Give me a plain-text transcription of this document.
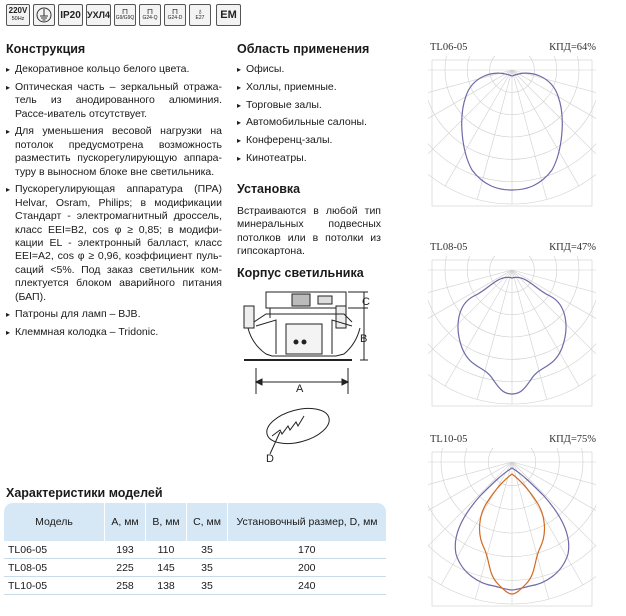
220V
50Hz	IP20 УХЛ4 ⊓
G9/G9Q
⊓
G24-Q
⊓
G24-D
♁
E27 EM
Конструкция
▸ Декоративное кольцо белого цвета.
▸ Оптическая часть – зеркальный отража-тель из анодированного алюминия. Рассе-иватель отсутствует.
▸ Для уменьшения весовой нагрузки на потолок предусмотрена возможность разместить пускорегулирующую аппара-туру в выносном блоке вне светильника.
▸ Пускорегулирующая аппаратура (ПРА) Helvar, Osram, Philips; в модификации Стандарт - электромагнитный дроссель, класс EEI=B2, cos φ ≥ 0,85; в модифи-кации EL - электронный балласт, класс EEI=A2, cos φ ≥ 0,96, коэффициент пуль-саций <5%. Под заказ светильник ком-плектуется блоком аварийного питания (БАП).
▸ Патроны для ламп – BJB.
▸ Клеммная колодка – Tridonic.
Область применения
▸ Офисы.
▸ Холлы, приемные.
▸ Торговые залы.
▸ Автомобильные салоны.
▸ Конференц-залы.
▸ Кинотеатры.
Установка
Встраиваются в любой тип минеральных подвесных потолков или в потолки из гипсокартона.
Корпус светильника
C
B
A
D
Характеристики моделей
Модель	A, мм	B, мм	C, мм	Установочный размер, D, мм
TL06-05	193	110	35	170
TL08-05	225	145	35	200
TL10-05	258	138	35	240
TL06-05	КПД=64%
TL08-05	КПД=47%
TL10-05	КПД=75%
